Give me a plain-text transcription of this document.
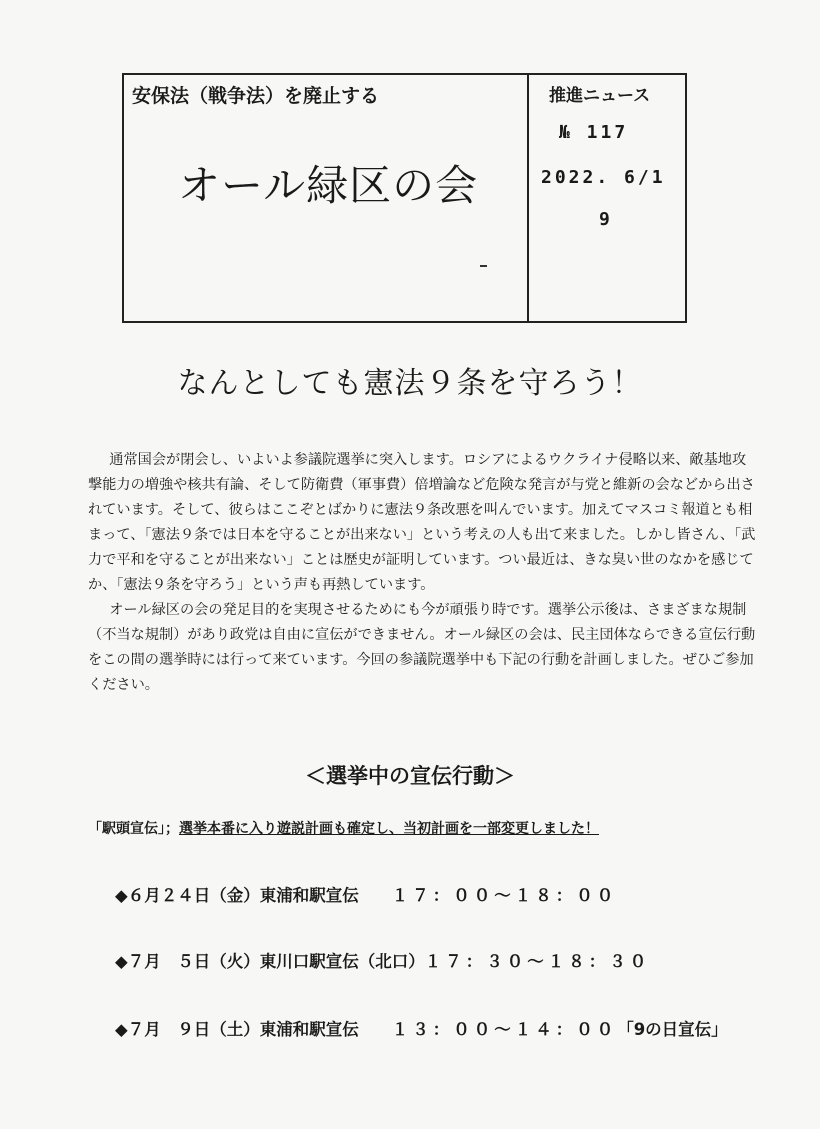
安保法（戦争法）を廃止する
オール緑区の会
推進ニュース
№ 117
2022. 6/1
9
なんとしても憲法９条を守ろう！

通常国会が閉会し、いよいよ参議院選挙に突入します。ロシアによるウクライナ侵略以来、敵基地攻撃能力の増強や核共有論、そして防衛費（軍事費）倍増論など危険な発言が与党と維新の会などから出されています。そして、彼らはここぞとばかりに憲法９条改悪を叫んでいます。加えてマスコミ報道とも相まって、「憲法９条では日本を守ることが出来ない」という考えの人も出て来ました。しかし皆さん、「武力で平和を守ることが出来ない」ことは歴史が証明しています。つい最近は、きな臭い世のなかを感じてか、「憲法９条を守ろう」という声も再熱しています。

オール緑区の会の発足目的を実現させるためにも今が頑張り時です。選挙公示後は、さまざまな規制（不当な規制）があり政党は自由に宣伝ができません。オール緑区の会は、民主団体ならできる宣伝行動をこの間の選挙時には行って来ています。今回の参議院選挙中も下記の行動を計画しました。ぜひご参加ください。

＜選挙中の宣伝行動＞
「駅頭宣伝」；選挙本番に入り遊説計画も確定し、当初計画を一部変更しました！
◆６月２４日（金）東浦和駅宣伝　　１７：００～１８：００
◆７月　５日（火）東川口駅宣伝（北口）１７：３０～１８：３０
◆７月　９日（土）東浦和駅宣伝　　１３：００～１４：００「9の日宣伝」
